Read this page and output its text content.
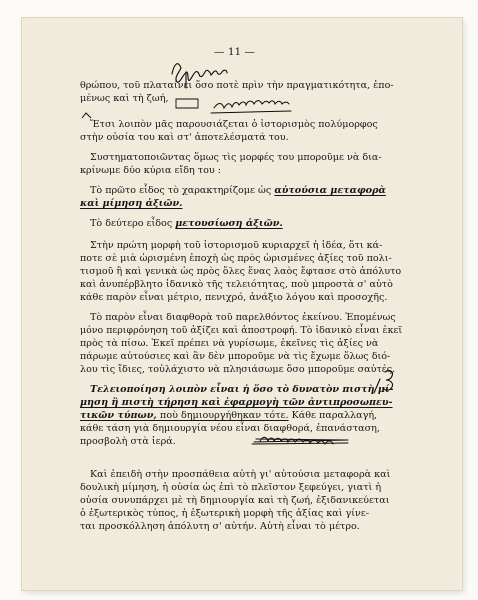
— 11 —
θρώπου, τοῦ πλαταίνει ὅσο ποτὲ πρὶν τὴν πραγματικότητα, ἐπο-
μένως καὶ τὴ ζωή,
Ἔτσι λοιπὸν μᾶς παρουσιάζεται ὁ ἰστορισμὸς πολύμορφος
στὴν οὐσία του καὶ στ' ἀποτελέσματά του.
Συστηματοποιῶντας ὅμως τὶς μορφές του μποροῦμε νὰ δια-
κρίνωμε δύο κύρια εἴδη του :
Τὸ πρῶτο εἶδος τὸ χαρακτηρίζομε ὡς αὐτούσια μεταφορὰ
καὶ μίμηση ἀξιῶν.
Τὸ δεύτερο εἶδος μετουσίωση ἀξιῶν.
Στὴν πρώτη μορφὴ τοῦ ἰστορισμοῦ κυριαρχεῖ ἡ ἰδέα, ὅτι κά-
ποτε σὲ μιὰ ὡρισμένη ἐποχὴ ὡς πρὸς ὡρισμένες ἀξίες τοῦ πολι-
τισμοῦ ἢ καὶ γενικὰ ὡς πρὸς ὅλες ἕνας λαὸς ἔφτασε στὸ ἀπόλυτο
καὶ ἀνυπέρβλητο ἰδανικὸ τῆς τελειότητας, ποὺ μπροστὰ σ' αὐτὸ
κάθε παρὸν εἶναι μέτριο, πενιχρό, ἀνάξιο λόγου καὶ προσοχῆς.
Τὸ παρὸν εἶναι διαφθορὰ τοῦ παρελθόντος ἐκείνου. Ἑπομένως
μόνο περιφρόνηση τοῦ ἀξίζει καὶ ἀποστροφή. Τὸ ἰδανικὸ εἶναι ἐκεῖ
πρὸς τὰ πίσω. Ἐκεῖ πρέπει νὰ γυρίσωμε, ἐκεῖνες τὶς ἀξίες νὰ
πάρωμε αὐτούσιες καὶ ἂν δὲν μποροῦμε νὰ τὶς ἔχωμε ὅλως διό-
λου τὶς ἴδιες, τοὐλάχιστο νὰ πλησιάσωμε ὅσο μποροῦμε σαὐτές.
Τελειοποίηση λοιπὸν εἶναι ἡ ὅσο τὸ δυνατὸν πιστὴ μί-
μηση ἢ πιστὴ τήρηση καὶ ἐφαρμογὴ τῶν ἀντιπροσωπευ-
τικῶν τύπων, ποὺ δημιουργήθηκαν τότε. Κάθε παραλλαγή,
κάθε τάση γιὰ δημιουργία νέου εἶναι διαφθορά, ἐπανάσταση,
προσβολὴ στὰ ἱερά.
Καὶ ἐπειδὴ στὴν προσπάθεια αὐτὴ γι' αὐτούσια μεταφορὰ καὶ
δουλικὴ μίμηση, ἡ οὐσία ὡς ἐπὶ τὸ πλεῖστον ξεφεύγει, γιατὶ ἡ
οὐσία συνυπάρχει μὲ τὴ δημιουργία καὶ τὴ ζωή, ἐξιδανικεύεται
ὁ ἐξωτερικὸς τύπος, ἡ ἐξωτερικὴ μορφὴ τῆς ἀξίας καὶ γίνε-
ται προσκόλληση ἀπόλυτη σ' αὐτήν. Αὐτὴ εἶναι τὸ μέτρο.
